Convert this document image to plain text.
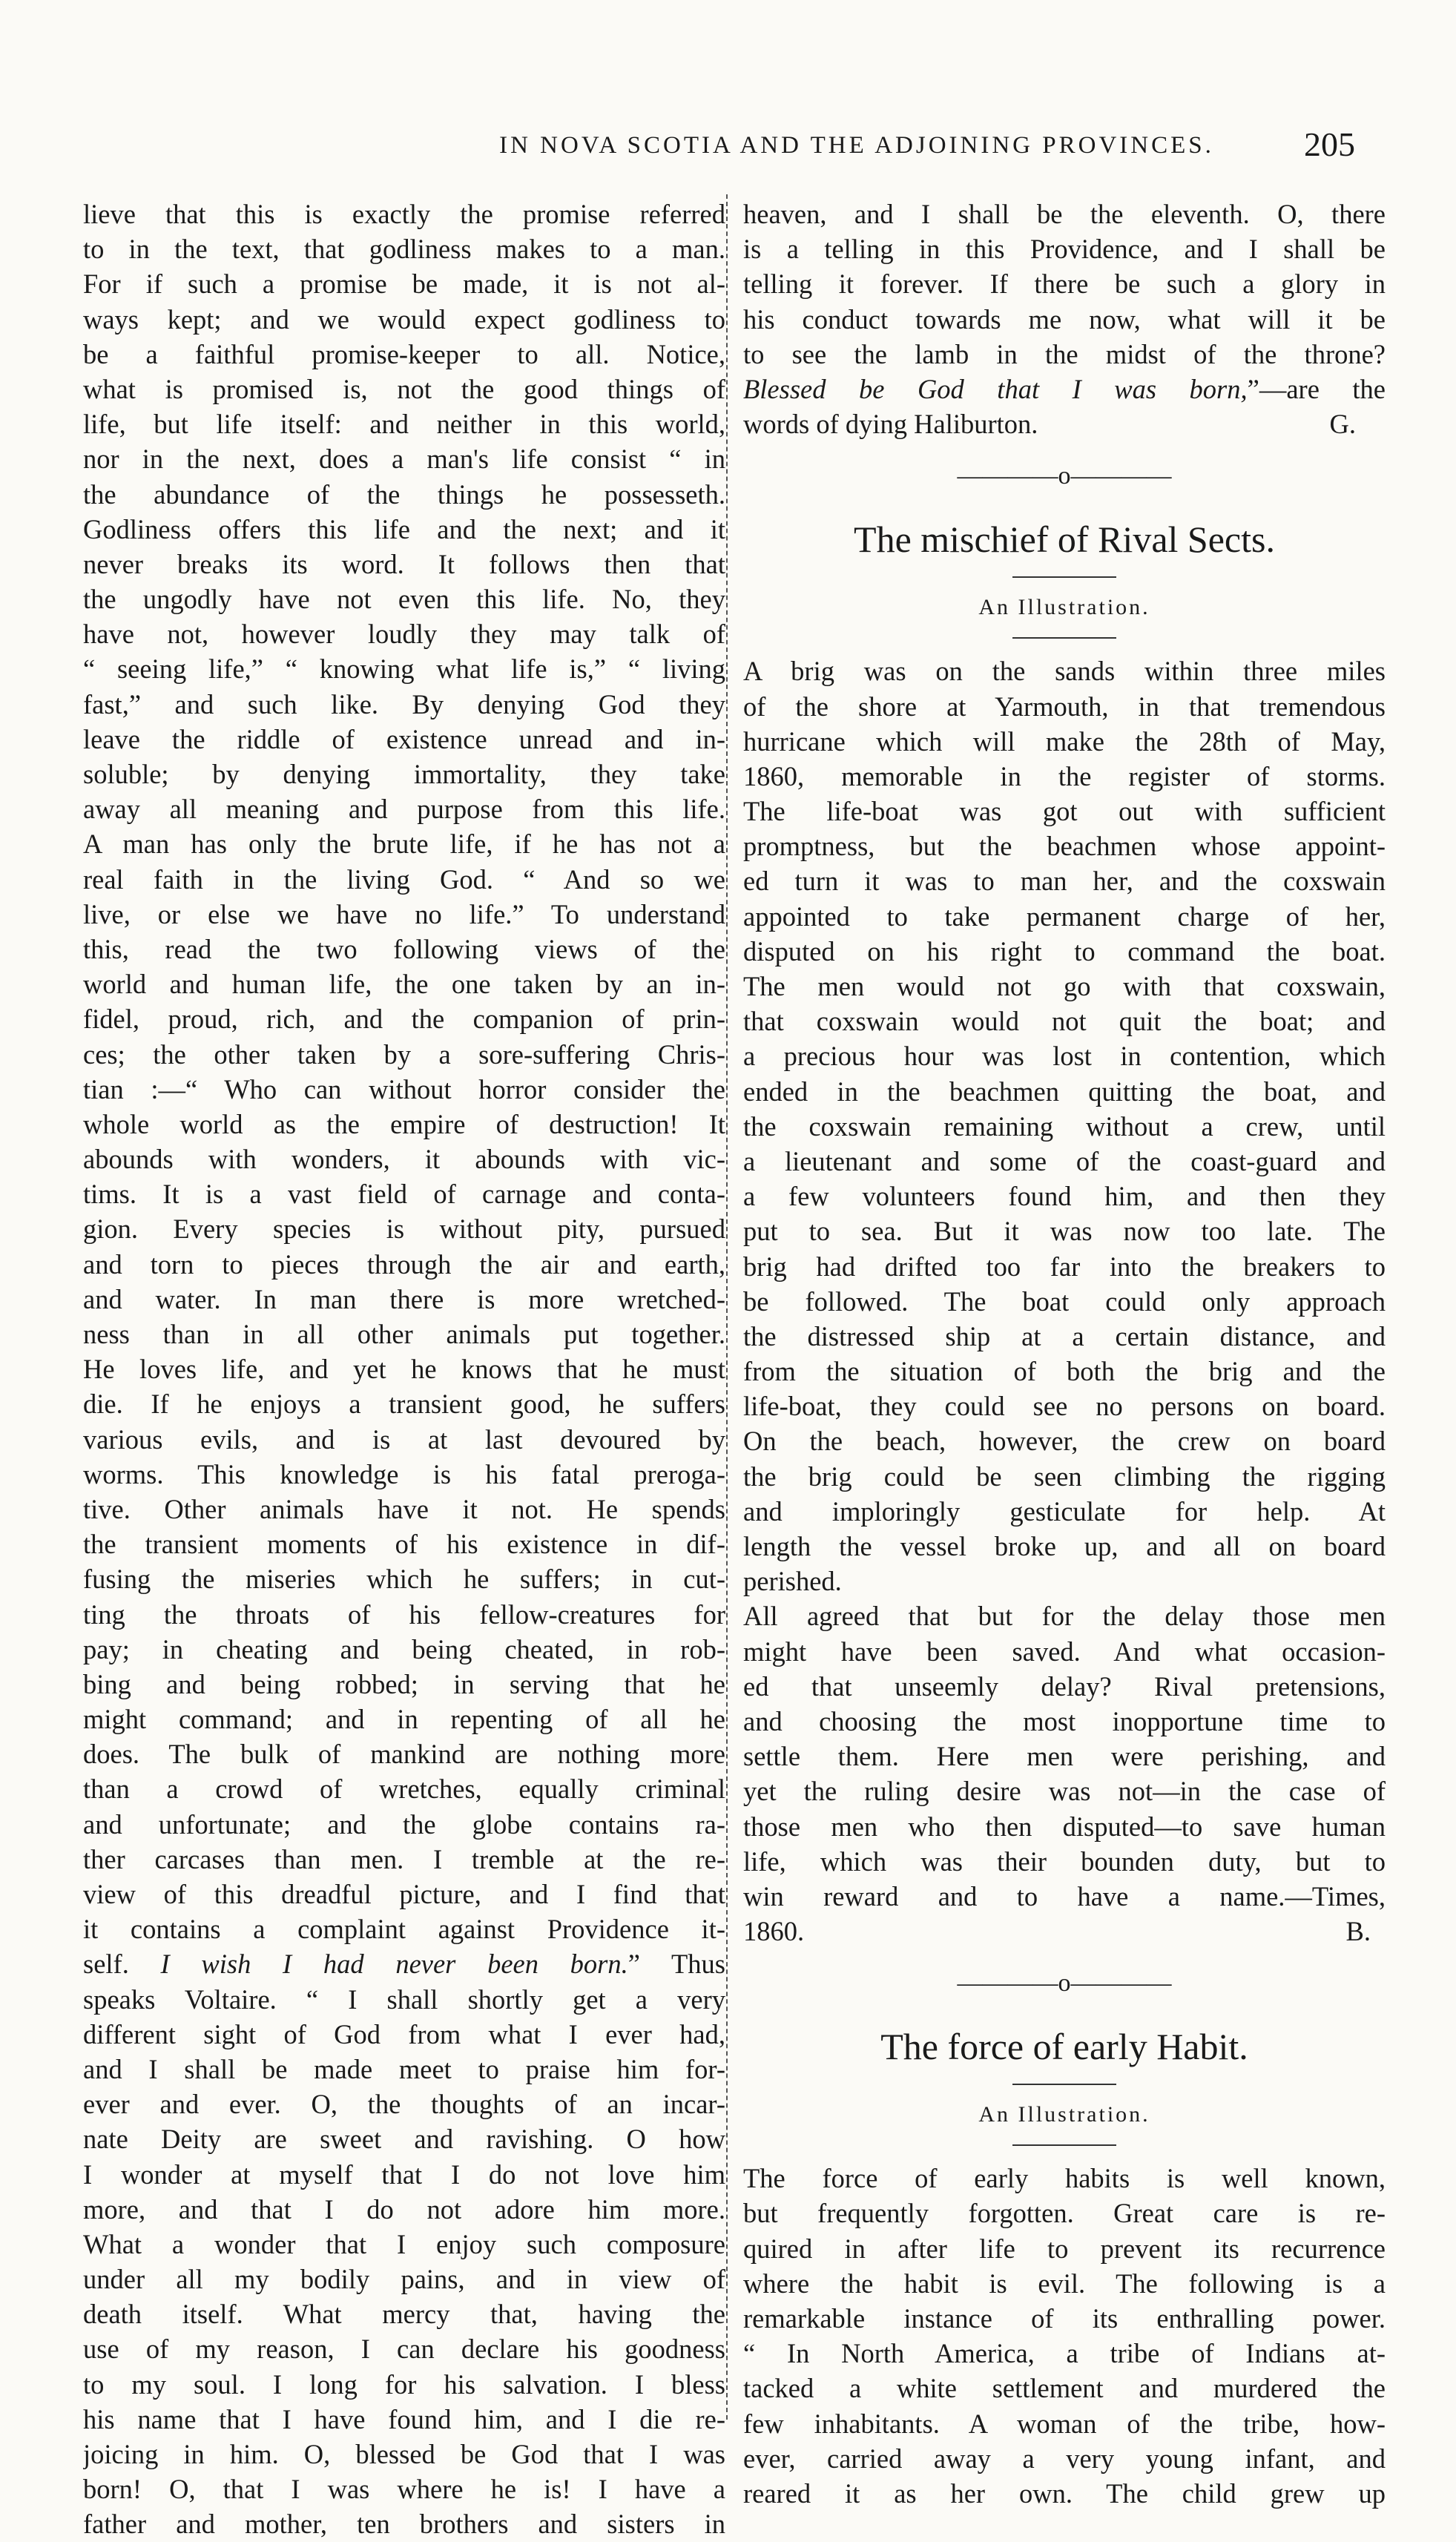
IN NOVA SCOTIA AND THE ADJOINING PROVINCES.	205
lieve that this is exactly the promise referred
to in the text, that godliness makes to a man.
For if such a promise be made, it is not al-
ways kept; and we would expect godliness to
be a faithful promise-keeper to all. Notice,
what is promised is, not the good things of
life, but life itself: and neither in this world,
nor in the next, does a man's life consist “ in
the abundance of the things he possesseth.
Godliness offers this life and the next; and it
never breaks its word. It follows then that
the ungodly have not even this life. No, they
have not, however loudly they may talk of
“ seeing life,” “ knowing what life is,” “ living
fast,” and such like. By denying God they
leave the riddle of existence unread and in-
soluble; by denying immortality, they take
away all meaning and purpose from this life.
A man has only the brute life, if he has not a
real faith in the living God. “ And so we
live, or else we have no life.” To understand
this, read the two following views of the
world and human life, the one taken by an in-
fidel, proud, rich, and the companion of prin-
ces; the other taken by a sore-suffering Chris-
tian :—“ Who can without horror consider the
whole world as the empire of destruction! It
abounds with wonders, it abounds with vic-
tims. It is a vast field of carnage and conta-
gion. Every species is without pity, pursued
and torn to pieces through the air and earth,
and water. In man there is more wretched-
ness than in all other animals put together.
He loves life, and yet he knows that he must
die. If he enjoys a transient good, he suffers
various evils, and is at last devoured by
worms. This knowledge is his fatal preroga-
tive. Other animals have it not. He spends
the transient moments of his existence in dif-
fusing the miseries which he suffers; in cut-
ting the throats of his fellow-creatures for
pay; in cheating and being cheated, in rob-
bing and being robbed; in serving that he
might command; and in repenting of all he
does. The bulk of mankind are nothing more
than a crowd of wretches, equally criminal
and unfortunate; and the globe contains ra-
ther carcases than men. I tremble at the re-
view of this dreadful picture, and I find that
it contains a complaint against Providence it-
self. I wish I had never been born.” Thus
speaks Voltaire. “ I shall shortly get a very
different sight of God from what I ever had,
and I shall be made meet to praise him for-
ever and ever. O, the thoughts of an incar-
nate Deity are sweet and ravishing. O how
I wonder at myself that I do not love him
more, and that I do not adore him more.
What a wonder that I enjoy such composure
under all my bodily pains, and in view of
death itself. What mercy that, having the
use of my reason, I can declare his goodness
to my soul. I long for his salvation. I bless
his name that I have found him, and I die re-
joicing in him. O, blessed be God that I was
born! O, that I was where he is! I have a
father and mother, ten brothers and sisters in
heaven, and I shall be the eleventh. O, there
is a telling in this Providence, and I shall be
telling it forever. If there be such a glory in
his conduct towards me now, what will it be
to see the lamb in the midst of the throne?
Blessed be God that I was born,”—are the
words of dying Haliburton.	G.

————o————

The mischief of Rival Sects.

An Illustration.

A brig was on the sands within three miles
of the shore at Yarmouth, in that tremendous
hurricane which will make the 28th of May,
1860, memorable in the register of storms.
The life-boat was got out with sufficient
promptness, but the beachmen whose appoint-
ed turn it was to man her, and the coxswain
appointed to take permanent charge of her,
disputed on his right to command the boat.
The men would not go with that coxswain,
that coxswain would not quit the boat; and
a precious hour was lost in contention, which
ended in the beachmen quitting the boat, and
the coxswain remaining without a crew, until
a lieutenant and some of the coast-guard and
a few volunteers found him, and then they
put to sea. But it was now too late. The
brig had drifted too far into the breakers to
be followed. The boat could only approach
the distressed ship at a certain distance, and
from the situation of both the brig and the
life-boat, they could see no persons on board.
On the beach, however, the crew on board
the brig could be seen climbing the rigging
and imploringly gesticulate for help. At
length the vessel broke up, and all on board
perished.
All agreed that but for the delay those men
might have been saved. And what occasion-
ed that unseemly delay? Rival pretensions,
and choosing the most inopportune time to
settle them. Here men were perishing, and
yet the ruling desire was not—in the case of
those men who then disputed—to save human
life, which was their bounden duty, but to
win reward and to have a name.—Times,
1860.	B.

————o————

The force of early Habit.

An Illustration.

The force of early habits is well known,
but frequently forgotten. Great care is re-
quired in after life to prevent its recurrence
where the habit is evil. The following is a
remarkable instance of its enthralling power.
“ In North America, a tribe of Indians at-
tacked a white settlement and murdered the
few inhabitants. A woman of the tribe, how-
ever, carried away a very young infant, and
reared it as her own. The child grew up
